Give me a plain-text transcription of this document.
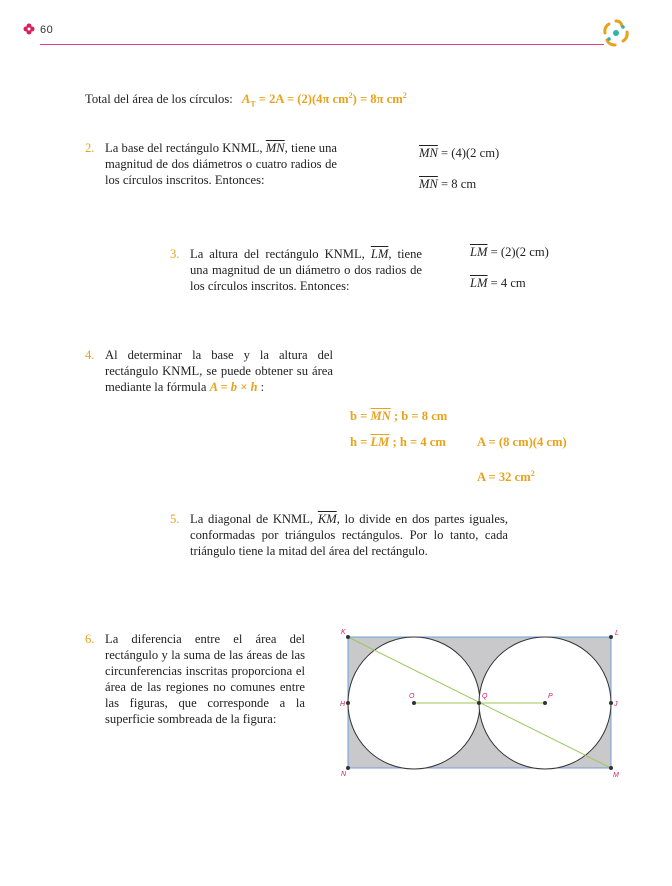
60
Total del área de los círculos: $A_T = 2A = (2)(4\pi$ $cm^2) = 8\pi$ $cm^2$
2. La base del rectángulo KNML, $\overline{MN}$, tiene una magnitud de dos diámetros o cuatro radios de los círculos inscritos. Entonces:
$\overline{MN} = (4)(2$ cm)
$\overline{MN} = 8$ cm
3. La altura del rectángulo KNML, $\overline{LM}$, tiene una magnitud de un diámetro o dos radios de los círculos inscritos. Entonces:
$\overline{LM} = (2)(2$ cm)
$\overline{LM} = 4$ cm
4. Al determinar la base y la altura del rectángulo KNML, se puede obtener su área mediante la fórmula A = b × h :
$b = \overline{MN}$ ; b = 8 cm
$h = \overline{LM}$ ; h = 4 cm A = (8 cm)(4 cm)
A = 32 $cm^2$
5. La diagonal de KNML, $\overline{KM}$, lo divide en dos partes iguales, conformadas por triángulos rectángulos. Por lo tanto, cada triángulo tiene la mitad del área del rectángulo.
6. La diferencia entre el área del rectángulo y la suma de las áreas de las circunferencias inscritas proporciona el área de las regiones no comunes entre las figuras, que corresponde a la superficie sombreada de la figura:
K	L
N	M
H	J
O	P
Q
